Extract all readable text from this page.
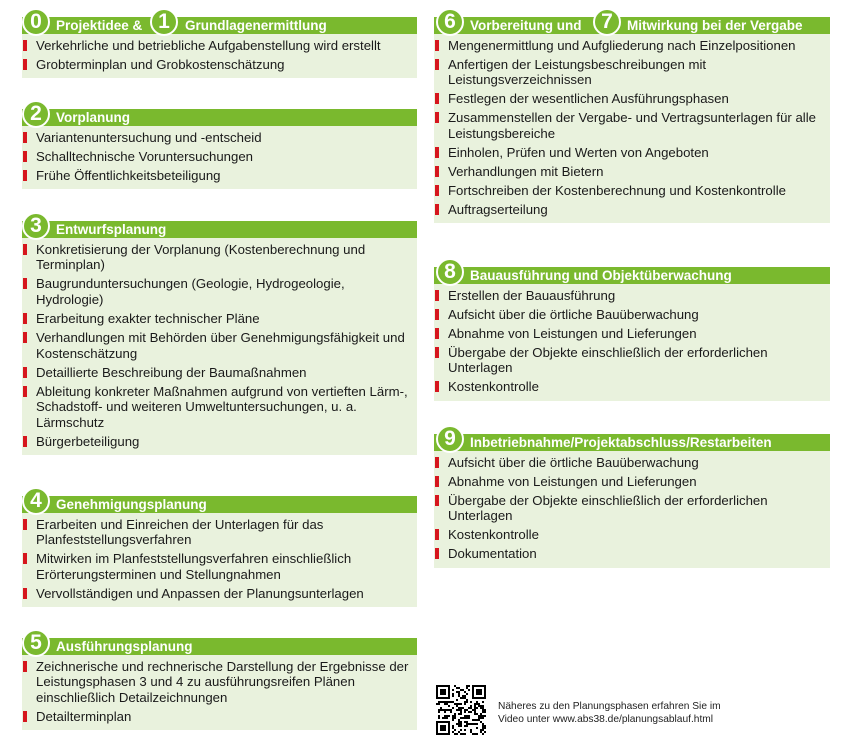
Projektidee &	Grundlagenermittlung
0	1
Verkehrliche und betriebliche Aufgabenstellung wird erstellt
Grobterminplan und Grobkostenschätzung
Vorplanung
2
Variantenuntersuchung und -entscheid
Schalltechnische Voruntersuchungen
Frühe Öffentlichkeitsbeteiligung
Entwurfsplanung
3
Konkretisierung der Vorplanung (Kostenberechnung und Terminplan)
Baugrunduntersuchungen (Geologie, Hydrogeologie, Hydrologie)
Erarbeitung exakter technischer Pläne
Verhandlungen mit Behörden über Genehmigungsfähigkeit und Kostenschätzung
Detaillierte Beschreibung der Baumaßnahmen
Ableitung konkreter Maßnahmen aufgrund von vertieften Lärm-, Schadstoff- und weiteren Umweltuntersuchungen, u. a. Lärmschutz
Bürgerbeteiligung
Genehmigungsplanung
4
Erarbeiten und Einreichen der Unterlagen für das Planfeststellungsverfahren
Mitwirken im Planfeststellungsverfahren einschließlich Erörterungsterminen und Stellungnahmen
Vervollständigen und Anpassen der Planungsunterlagen
Ausführungsplanung
5
Zeichnerische und rechnerische Darstellung der Ergebnisse der Leistungsphasen 3 und 4 zu ausführungsreifen Plänen einschließlich Detailzeichnungen
Detailterminplan
Vorbereitung und	Mitwirkung bei der Vergabe
6	7
Mengenermittlung und Aufgliederung nach Einzelpositionen
Anfertigen der Leistungsbeschreibungen mit Leistungsverzeichnissen
Festlegen der wesentlichen Ausführungsphasen
Zusammenstellen der Vergabe- und Vertragsunterlagen für alle Leistungsbereiche
Einholen, Prüfen und Werten von Angeboten
Verhandlungen mit Bietern
Fortschreiben der Kostenberechnung und Kostenkontrolle
Auftragserteilung
Bauausführung und Objektüberwachung
8
Erstellen der Bauausführung
Aufsicht über die örtliche Bauüberwachung
Abnahme von Leistungen und Lieferungen
Übergabe der Objekte einschließlich der erforderlichen Unterlagen
Kostenkontrolle
Inbetriebnahme/Projektabschluss/Restarbeiten
9
Aufsicht über die örtliche Bauüberwachung
Abnahme von Leistungen und Lieferungen
Übergabe der Objekte einschließlich der erforderlichen Unterlagen
Kostenkontrolle
Dokumentation
Näheres zu den Planungsphasen erfahren Sie im
Video unter www.abs38.de/planungsablauf.html
